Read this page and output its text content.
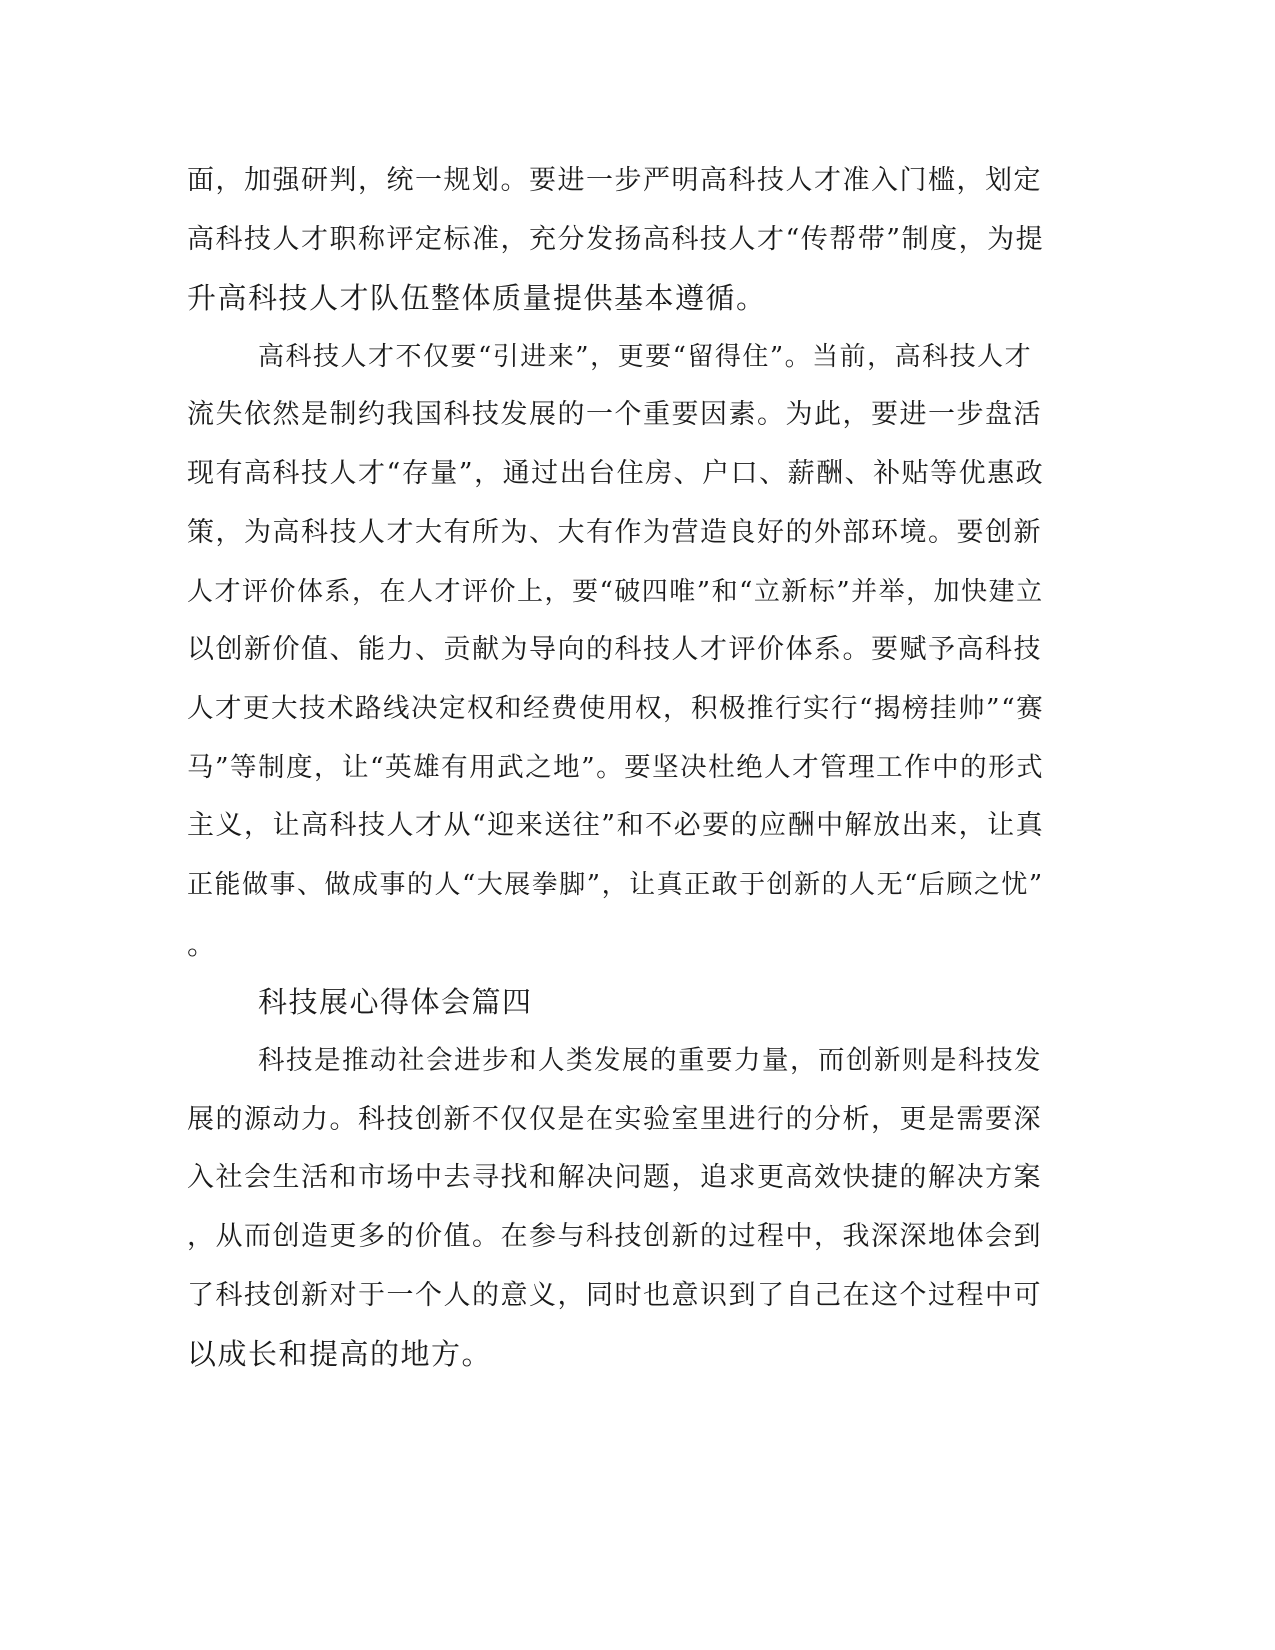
面，加强研判，统一规划。要进一步严明高科技人才准入门槛，划定
高科技人才职称评定标准，充分发扬高科技人才“传帮带”制度，为提
升高科技人才队伍整体质量提供基本遵循。
高科技人才不仅要“引进来”，更要“留得住”。当前，高科技人才
流失依然是制约我国科技发展的一个重要因素。为此，要进一步盘活
现有高科技人才“存量”，通过出台住房、户口、薪酬、补贴等优惠政
策，为高科技人才大有所为、大有作为营造良好的外部环境。要创新
人才评价体系，在人才评价上，要“破四唯”和“立新标”并举，加快建立
以创新价值、能力、贡献为导向的科技人才评价体系。要赋予高科技
人才更大技术路线决定权和经费使用权，积极推行实行“揭榜挂帅”“赛
马”等制度，让“英雄有用武之地”。要坚决杜绝人才管理工作中的形式
主义，让高科技人才从“迎来送往”和不必要的应酬中解放出来，让真
正能做事、做成事的人“大展拳脚”，让真正敢于创新的人无“后顾之忧”
。
科技展心得体会篇四
科技是推动社会进步和人类发展的重要力量，而创新则是科技发
展的源动力。科技创新不仅仅是在实验室里进行的分析，更是需要深
入社会生活和市场中去寻找和解决问题，追求更高效快捷的解决方案
，从而创造更多的价值。在参与科技创新的过程中，我深深地体会到
了科技创新对于一个人的意义，同时也意识到了自己在这个过程中可
以成长和提高的地方。
